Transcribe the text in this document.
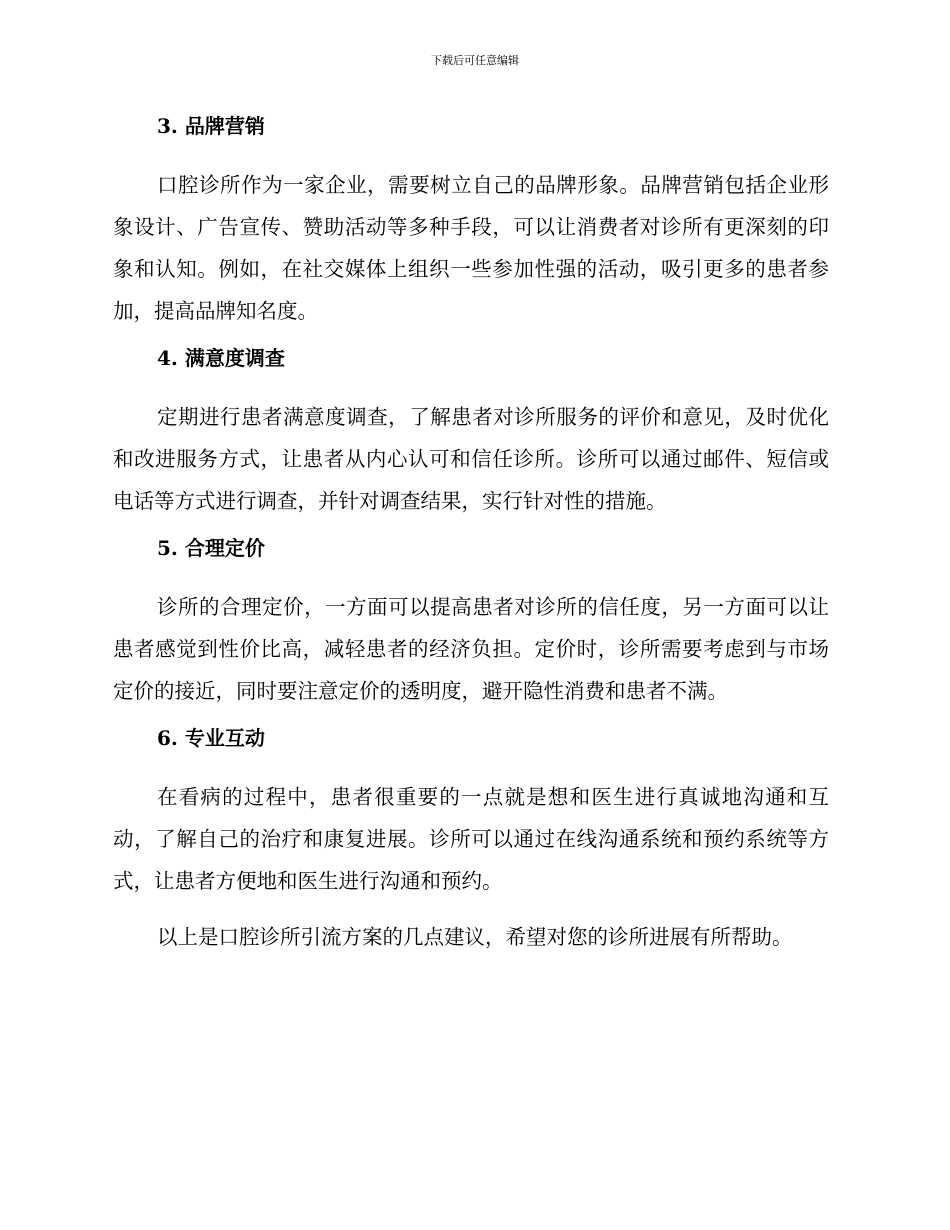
下载后可任意编辑
3. 品牌营销

口腔诊所作为一家企业，需要树立自己的品牌形象。品牌营销包括企业形象设计、广告宣传、赞助活动等多种手段，可以让消费者对诊所有更深刻的印象和认知。例如，在社交媒体上组织一些参加性强的活动，吸引更多的患者参加，提高品牌知名度。

4. 满意度调查

定期进行患者满意度调查，了解患者对诊所服务的评价和意见，及时优化和改进服务方式，让患者从内心认可和信任诊所。诊所可以通过邮件、短信或电话等方式进行调查，并针对调查结果，实行针对性的措施。

5. 合理定价

诊所的合理定价，一方面可以提高患者对诊所的信任度，另一方面可以让患者感觉到性价比高，减轻患者的经济负担。定价时，诊所需要考虑到与市场定价的接近，同时要注意定价的透明度，避开隐性消费和患者不满。

6. 专业互动

在看病的过程中，患者很重要的一点就是想和医生进行真诚地沟通和互动，了解自己的治疗和康复进展。诊所可以通过在线沟通系统和预约系统等方式，让患者方便地和医生进行沟通和预约。

以上是口腔诊所引流方案的几点建议，希望对您的诊所进展有所帮助。
